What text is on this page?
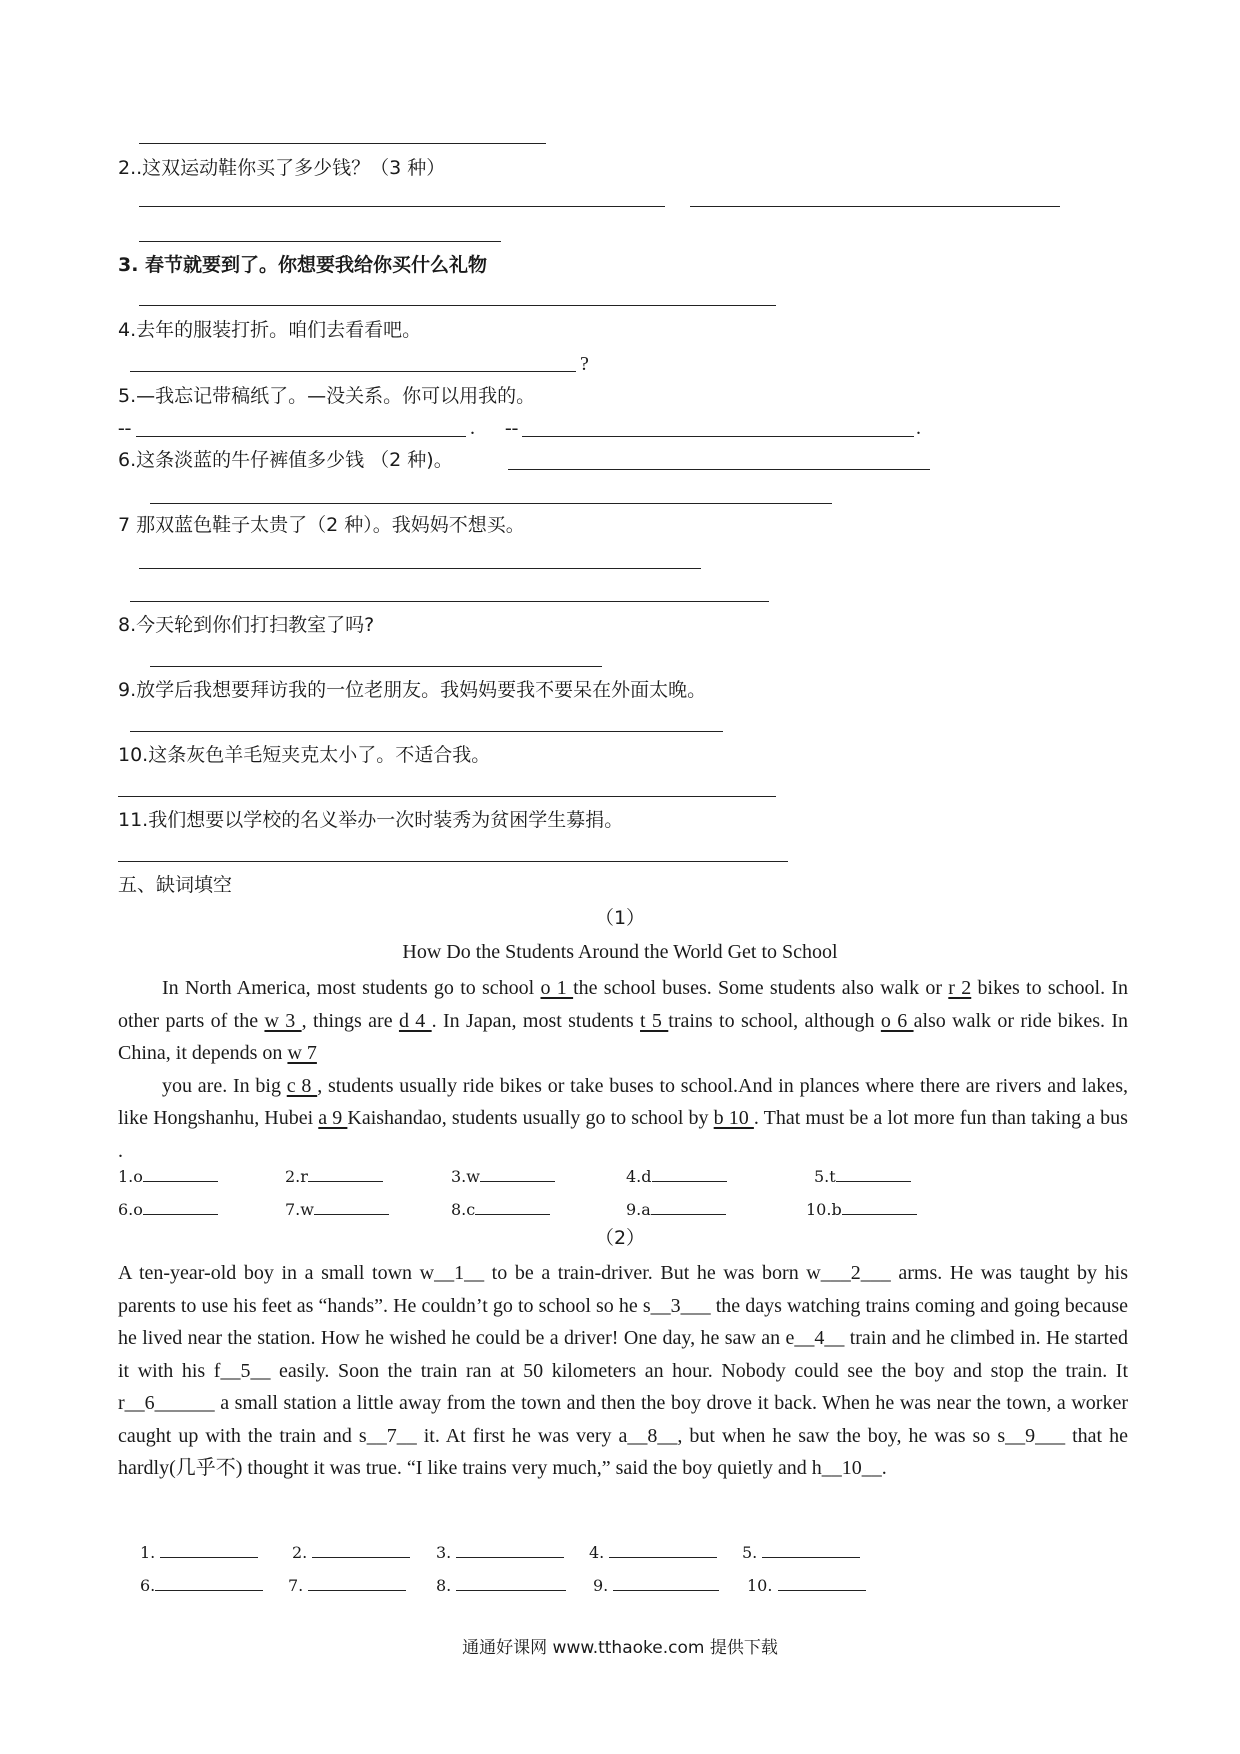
2..这双运动鞋你买了多少钱？（3 种）
3. 春节就要到了。你想要我给你买什么礼物
4.去年的服装打折。咱们去看看吧。
?
5.—我忘记带稿纸了。—没关系。你可以用我的。
--	. --	.
6.这条淡蓝的牛仔裤值多少钱 （2 种)。
7 那双蓝色鞋子太贵了（2 种）。我妈妈不想买。
8.今天轮到你们打扫教室了吗?
9.放学后我想要拜访我的一位老朋友。我妈妈要我不要呆在外面太晚。
10.这条灰色羊毛短夹克太小了。不适合我。
11.我们想要以学校的名义举办一次时装秀为贫困学生募捐。
五、缺词填空
（1）
How Do the Students Around the World Get to School

In North America, most students go to school o 1 the school buses. Some students also walk or r 2 bikes to school. In other parts of the w 3 , things are d 4 . In Japan, most students t 5 trains to school, although o 6 also walk or ride bikes. In China, it depends on w 7

you are. In big c 8 , students usually ride bikes or take buses to school.And in plances where there are rivers and lakes, like Hongshanhu, Hubei a 9 Kaishandao, students usually go to school by b 10 . That must be a lot more fun than taking a bus .

1.o	2.r	3.w	4.d	5.t
6.o	7.w	8.c	9.a	10.b
（2）

A ten-year-old boy in a small town w__1__ to be a train-driver. But he was born w___2___ arms. He was taught by his parents to use his feet as “hands”. He couldn’t go to school so he s__3___ the days watching trains coming and going because he lived near the station. How he wished he could be a driver! One day, he saw an e__4__ train and he climbed in. He started it with his f__5__ easily. Soon the train ran at 50 kilometers an hour. Nobody could see the boy and stop the train. It r__6______ a small station a little away from the town and then the boy drove it back. When he was near the town, a worker caught up with the train and s__7__ it. At first he was very a__8__, but when he saw the boy, he was so s__9___ that he hardly(几乎不) thought it was true. “I like trains very much,” said the boy quietly and h__10__.

1.	2.	3.	4.	5.
6.	7.	8.	9.	10.
通通好课网 www.tthaoke.com 提供下载
